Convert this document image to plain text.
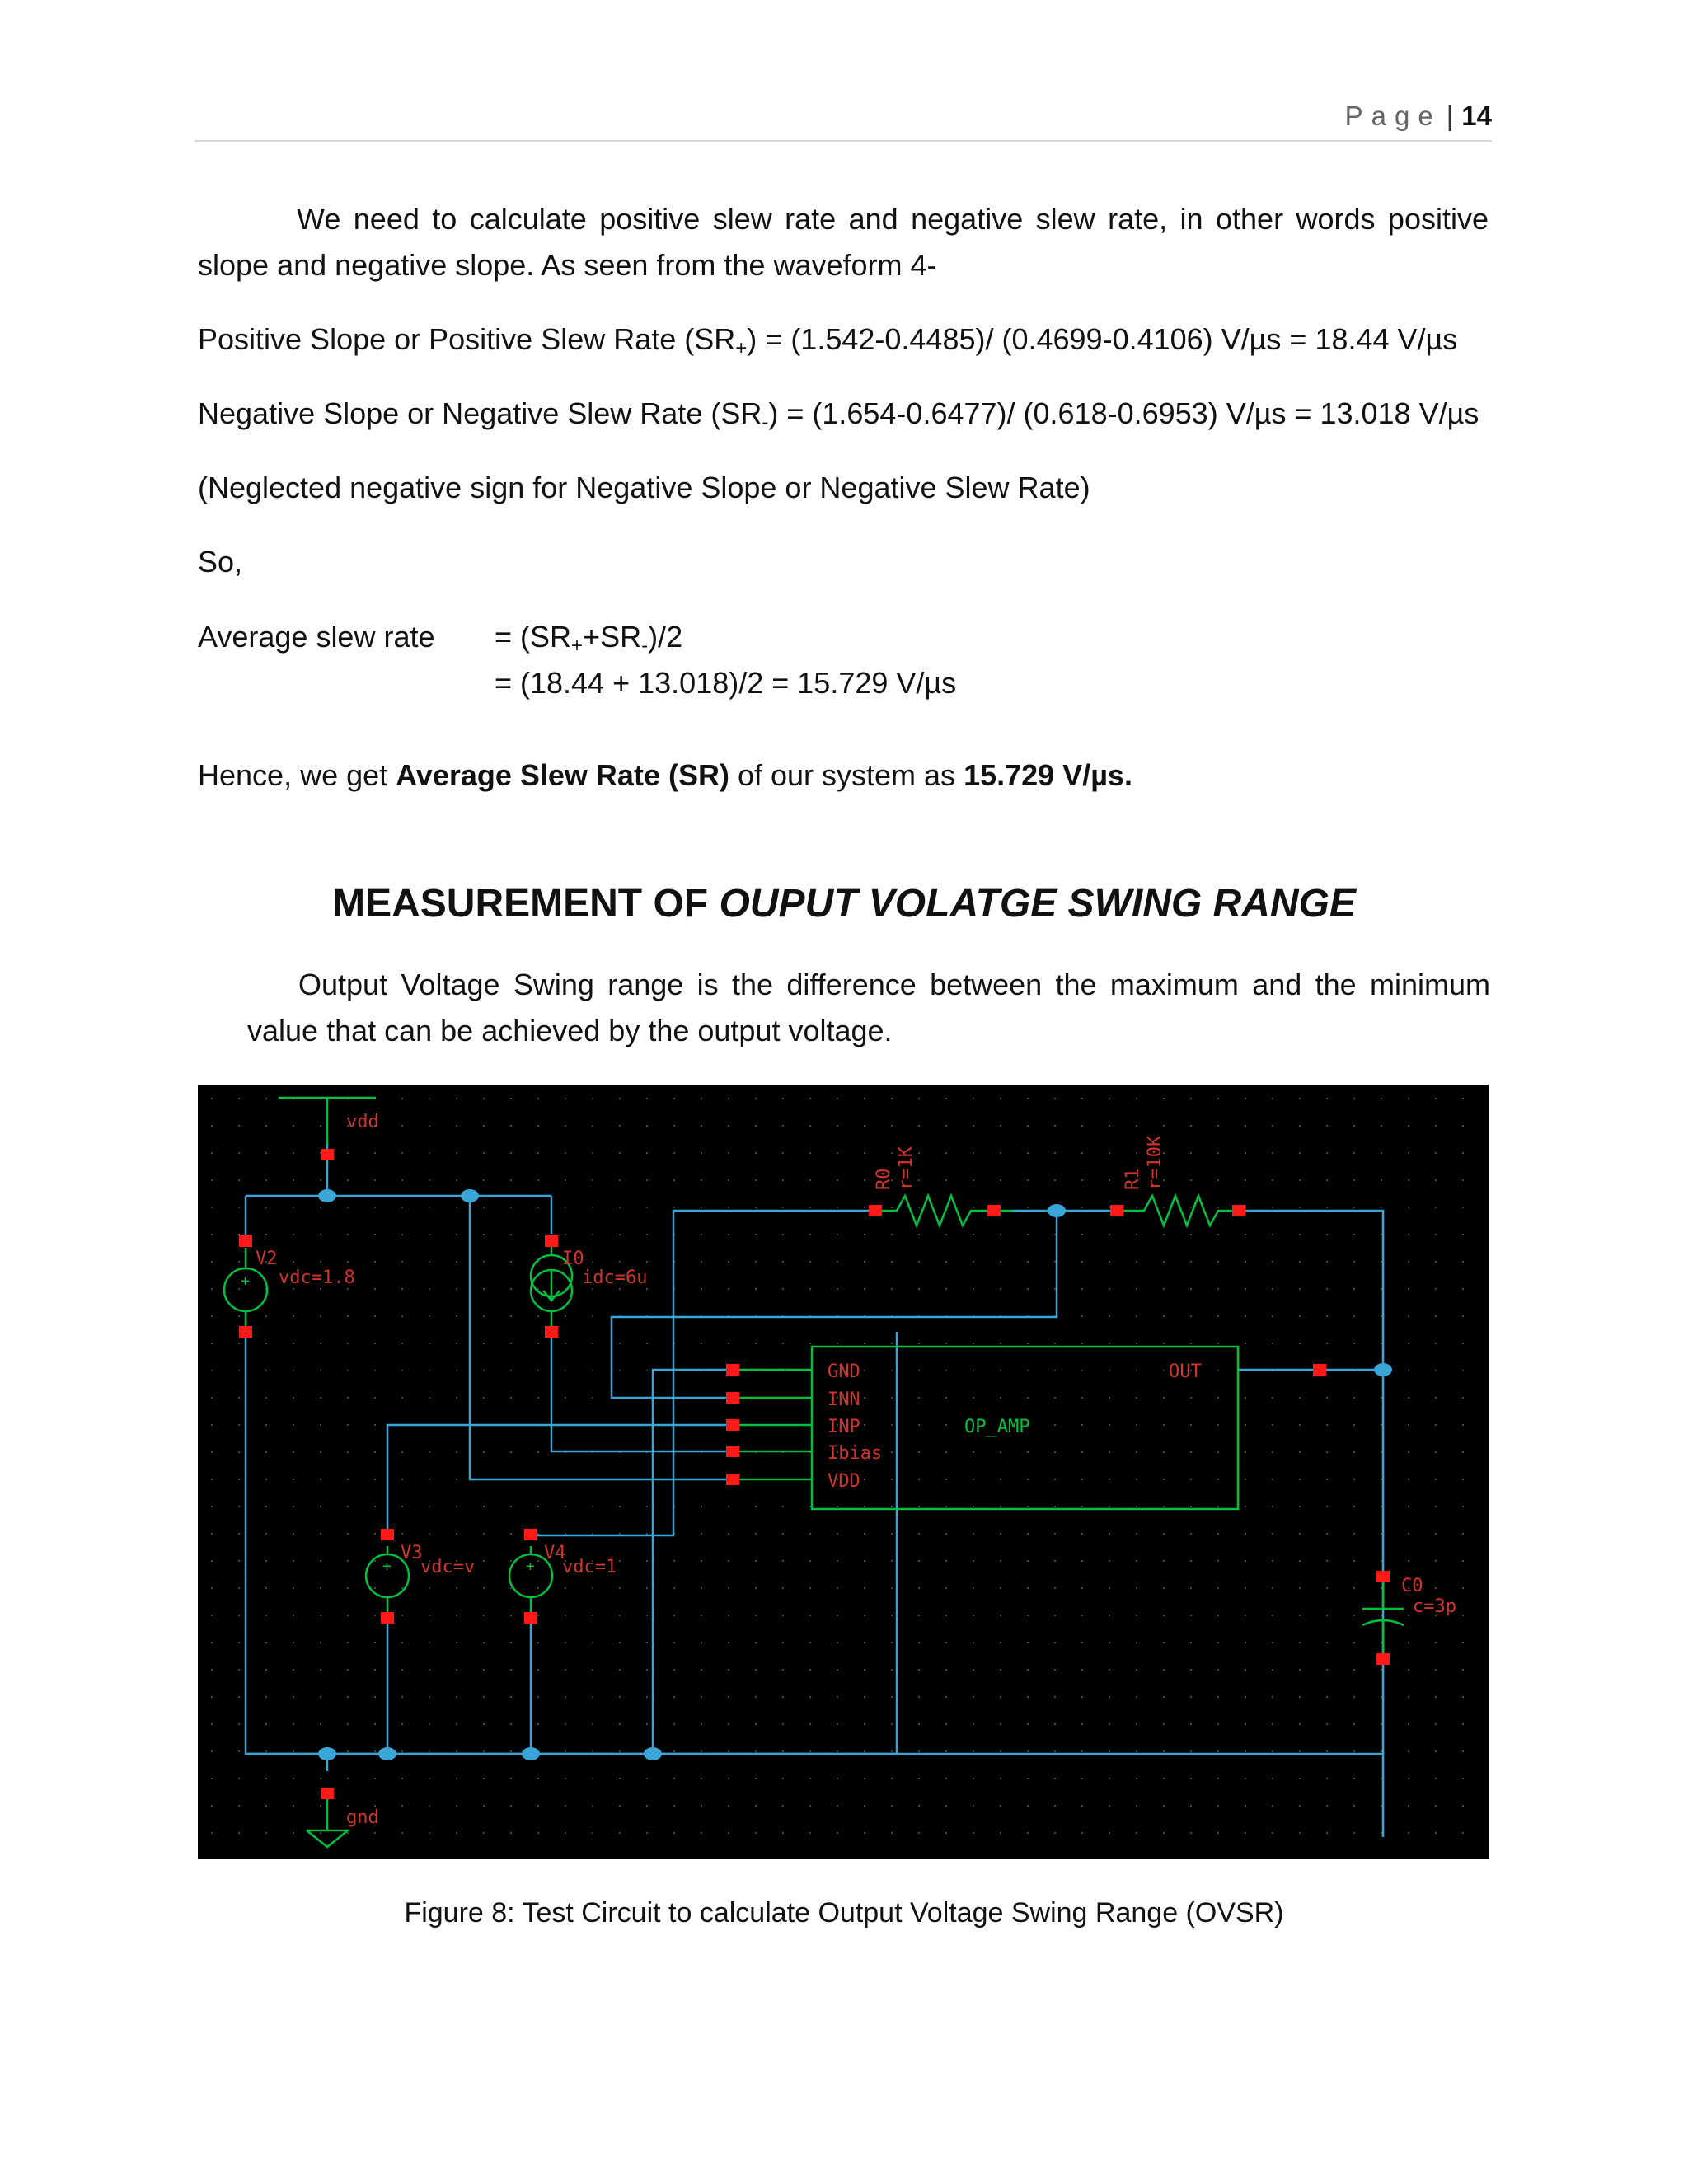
Page | 14
We need to calculate positive slew rate and negative slew rate, in other words positive slope and negative slope. As seen from the waveform 4-
Positive Slope or Positive Slew Rate $(SR_+) = (1.542-0.4485)/$ (0.4699-0.4106) V/µs = 18.44 V/µs
Negative Slope or Negative Slew Rate $(SR_-) = (1.654-0.6477)/$ (0.618-0.6953) V/µs = 13.018 V/µs
(Neglected negative sign for Negative Slope or Negative Slew Rate)
So,
Average slew rate = $(SR_++SR_-)/2$
= (18.44 + 13.018)/2 = 15.729 V/µs
Hence, we get Average Slew Rate (SR) of our system as 15.729 V/µs.
MEASUREMENT OF OUPUT VOLATGE SWING RANGE
Output Voltage Swing range is the difference between the maximum and the minimum value that can be achieved by the output voltage.
+
+	+
vdd
gnd
V2
vdc=1.8
I0
idc=6u
V3
vdc=v
V4
vdc=1
C0
c=3p
GND
INN
INP
Ibias
VDD
OUT
OP_AMP
R0 r=1K	R1 r=10K
Figure 8: Test Circuit to calculate Output Voltage Swing Range (OVSR)
